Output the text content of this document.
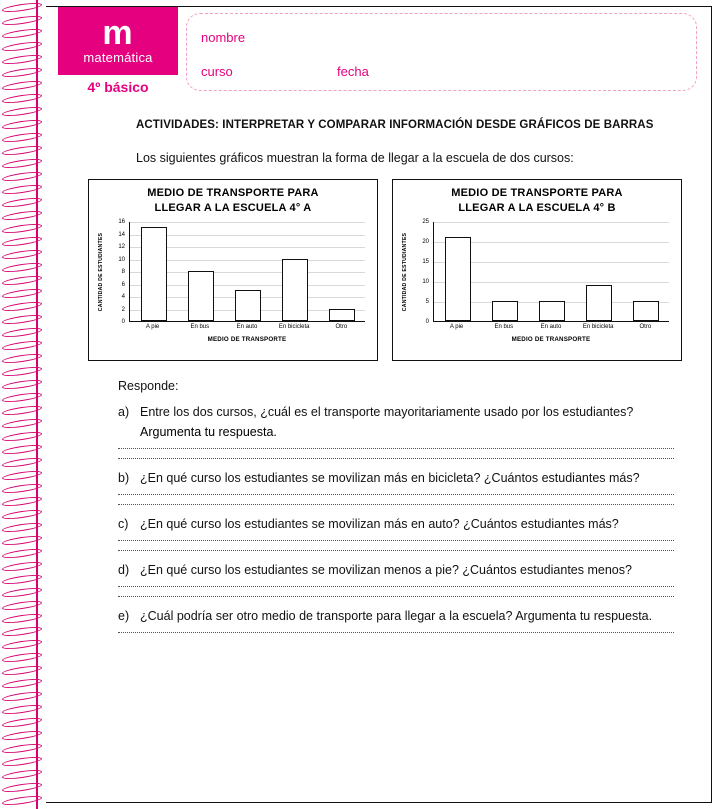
m
matemática
4º básico
nombre
curso	fecha
ACTIVIDADES: INTERPRETAR Y COMPARAR INFORMACIÓN DESDE GRÁFICOS DE BARRAS
Los siguientes gráficos muestran la forma de llegar a la escuela de dos cursos:
MEDIO DE TRANSPORTE PARA
LLEGAR A LA ESCUELA 4° A
CANTIDAD DE ESTUDIANTES
0
2
4
6
8
10
12
14
16
A pie	En bus	En auto	En bicicleta	Otro
MEDIO DE TRANSPORTE
MEDIO DE TRANSPORTE PARA
LLEGAR A LA ESCUELA 4° B
CANTIDAD DE ESTUDIANTES
0
5
10
15
20
25
A pie	En bus	En auto	En bicicleta	Otro
MEDIO DE TRANSPORTE
Responde:
a) Entre los dos cursos, ¿cuál es el transporte mayoritariamente usado por los estudiantes?
Argumenta tu respuesta.
b) ¿En qué curso los estudiantes se movilizan más en bicicleta? ¿Cuántos estudiantes más?
c) ¿En qué curso los estudiantes se movilizan más en auto? ¿Cuántos estudiantes más?
d) ¿En qué curso los estudiantes se movilizan menos a pie? ¿Cuántos estudiantes menos?
e) ¿Cuál podría ser otro medio de transporte para llegar a la escuela? Argumenta tu respuesta.
